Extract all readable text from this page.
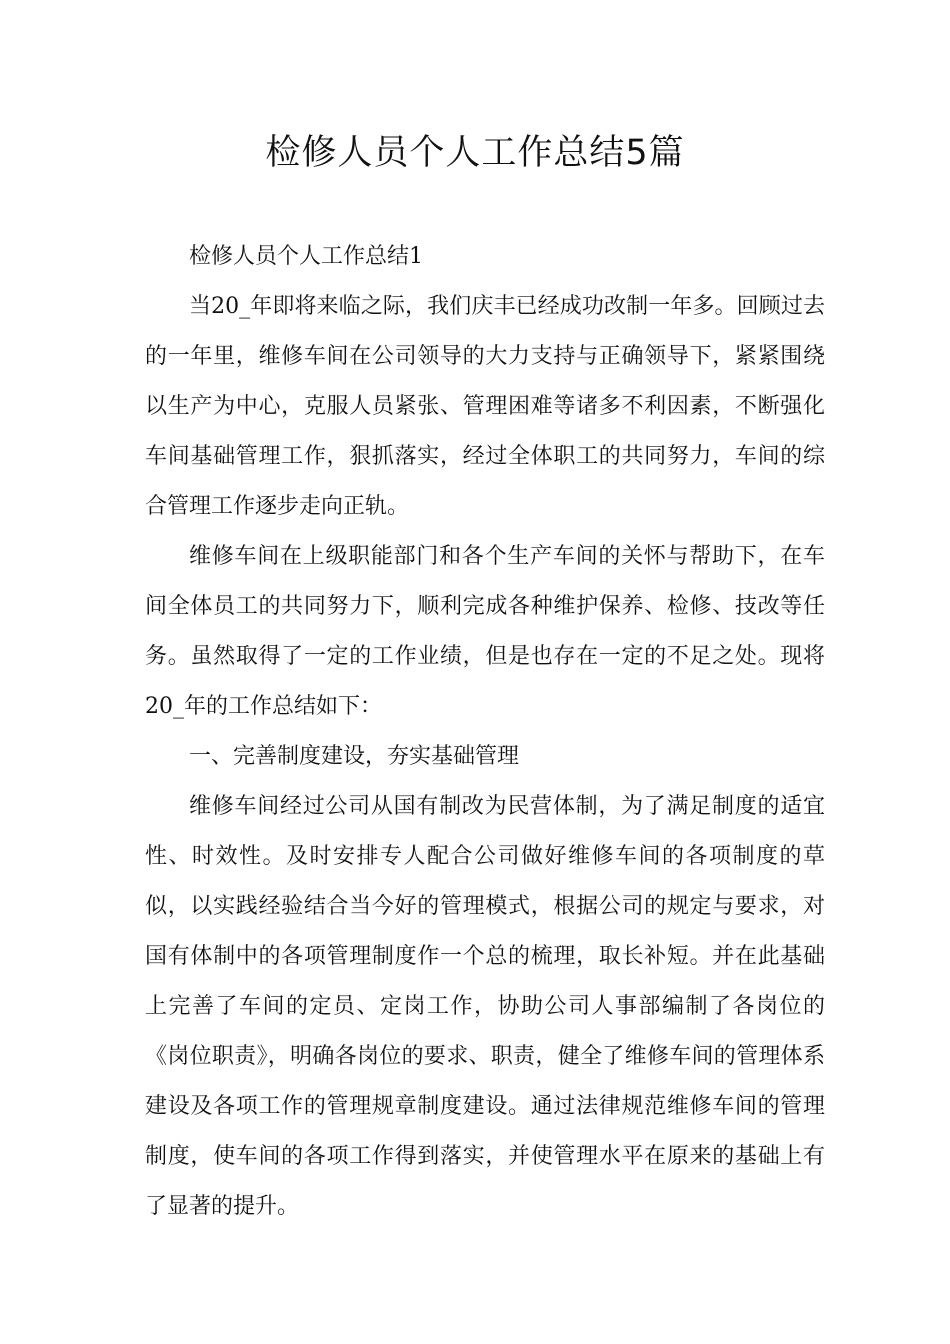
检修人员个人工作总结5篇

检修人员个人工作总结1

当20_年即将来临之际，我们庆丰已经成功改制一年多。回顾过去的一年里，维修车间在公司领导的大力支持与正确领导下，紧紧围绕以生产为中心，克服人员紧张、管理困难等诸多不利因素，不断强化车间基础管理工作，狠抓落实，经过全体职工的共同努力，车间的综合管理工作逐步走向正轨。

维修车间在上级职能部门和各个生产车间的关怀与帮助下，在车间全体员工的共同努力下，顺利完成各种维护保养、检修、技改等任务。虽然取得了一定的工作业绩，但是也存在一定的不足之处。现将20_年的工作总结如下：

一、完善制度建设，夯实基础管理

维修车间经过公司从国有制改为民营体制，为了满足制度的适宜性、时效性。及时安排专人配合公司做好维修车间的各项制度的草似，以实践经验结合当今好的管理模式，根据公司的规定与要求，对国有体制中的各项管理制度作一个总的梳理，取长补短。并在此基础上完善了车间的定员、定岗工作，协助公司人事部编制了各岗位的《岗位职责》，明确各岗位的要求、职责，健全了维修车间的管理体系建设及各项工作的管理规章制度建设。通过法律规范维修车间的管理制度，使车间的各项工作得到落实，并使管理水平在原来的基础上有了显著的提升。
